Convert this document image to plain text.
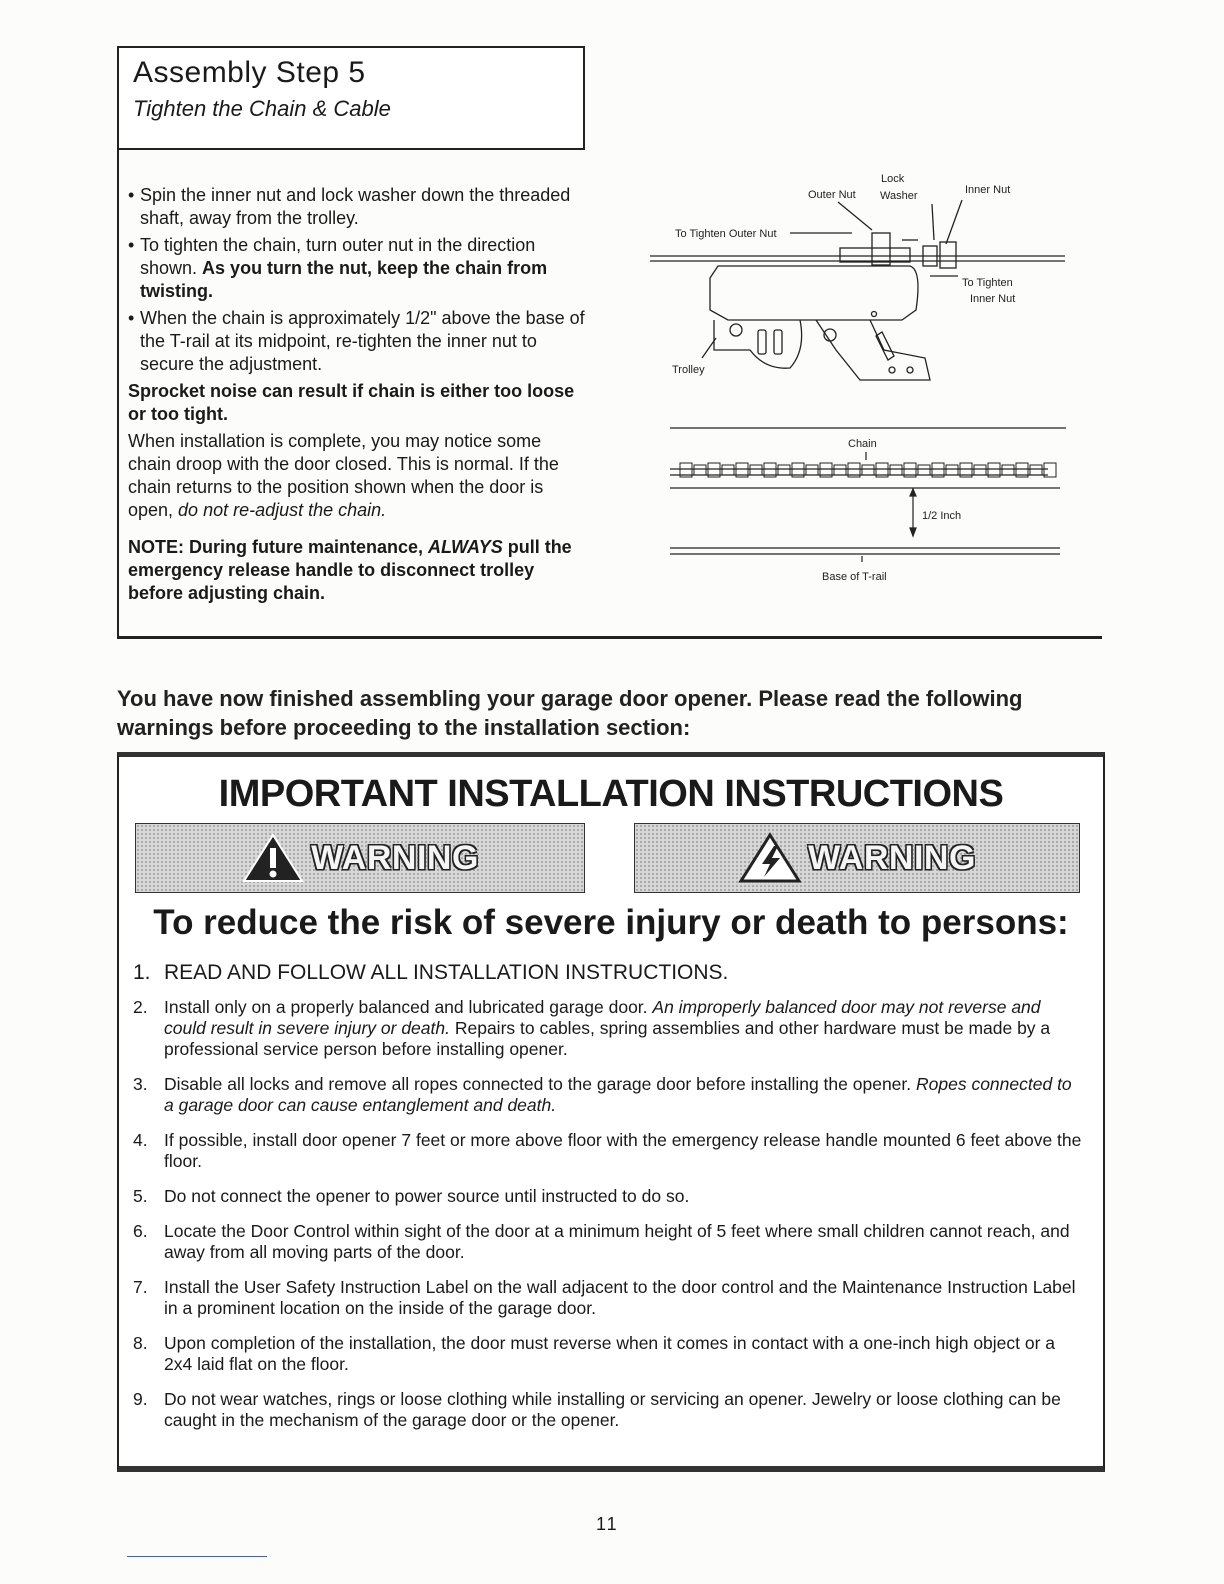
Assembly Step 5
Tighten the Chain & Cable
• Spin the inner nut and lock washer down the threaded shaft, away from the trolley.
• To tighten the chain, turn outer nut in the direction shown. As you turn the nut, keep the chain from twisting.
• When the chain is approximately 1/2" above the base of the T-rail at its midpoint, re-tighten the inner nut to secure the adjustment.
Sprocket noise can result if chain is either too loose or too tight.
When installation is complete, you may notice some chain droop with the door closed. This is normal. If the chain returns to the position shown when the door is open, do not re-adjust the chain.
NOTE: During future maintenance, ALWAYS pull the emergency release handle to disconnect trolley before adjusting chain.
Lock
Washer
Outer Nut	Inner Nut
To Tighten Outer Nut
To Tighten
Inner Nut
Trolley
Chain
1/2 Inch
Base of T-rail
You have now finished assembling your garage door opener. Please read the following warnings before proceeding to the installation section:
IMPORTANT INSTALLATION INSTRUCTIONS
WARNING	WARNING
To reduce the risk of severe injury or death to persons:
1. READ AND FOLLOW ALL INSTALLATION INSTRUCTIONS.
2. Install only on a properly balanced and lubricated garage door. An improperly balanced door may not reverse and could result in severe injury or death. Repairs to cables, spring assemblies and other hardware must be made by a professional service person before installing opener.
3. Disable all locks and remove all ropes connected to the garage door before installing the opener. Ropes connected to a garage door can cause entanglement and death.
4. If possible, install door opener 7 feet or more above floor with the emergency release handle mounted 6 feet above the floor.
5. Do not connect the opener to power source until instructed to do so.
6. Locate the Door Control within sight of the door at a minimum height of 5 feet where small children cannot reach, and away from all moving parts of the door.
7. Install the User Safety Instruction Label on the wall adjacent to the door control and the Maintenance Instruction Label in a prominent location on the inside of the garage door.
8. Upon completion of the installation, the door must reverse when it comes in contact with a one-inch high object or a 2x4 laid flat on the floor.
9. Do not wear watches, rings or loose clothing while installing or servicing an opener. Jewelry or loose clothing can be caught in the mechanism of the garage door or the opener.
11
